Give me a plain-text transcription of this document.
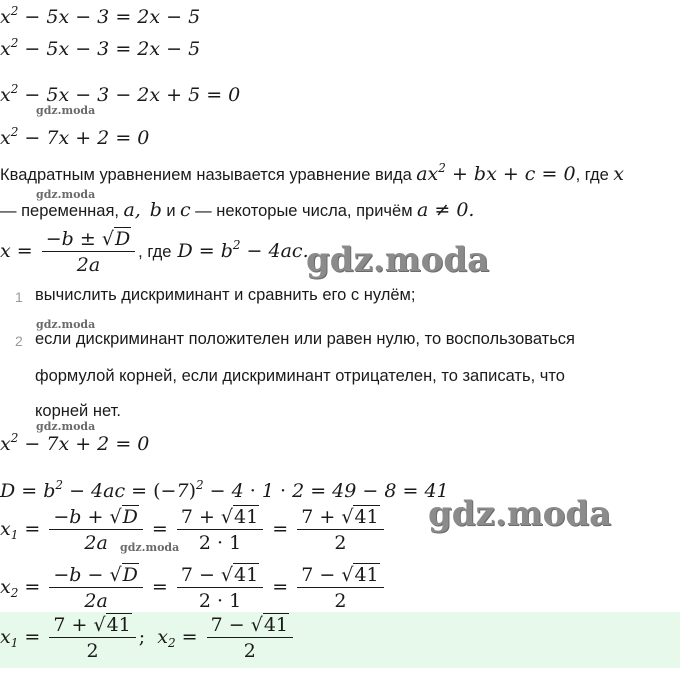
$x^2 - 5x - 3 = 2x - 5$
$x^2 - 5x - 3 = 2x - 5$
$x^2 - 5x - 3 - 2x + 5 = 0$
gdz.moda
$x^2 - 7x + 2 = 0$
Квадратным уравнением называется уравнение вида $ax^2$ + bx + c = 0, где x
gdz.moda
— переменная, a, b и c — некоторые числа, причём a ≠ 0.
$x = \frac{-b \pm √D}{2a}$ , где $D = b^2 - 4ac$.
gdz.moda
1 вычислить дискриминант и сравнить его с нулём;
gdz.moda
2 если дискриминант положителен или равен нулю, то воспользоваться
формулой корней, если дискриминант отрицателен, то записать, что
корней нет.
gdz.moda
$x^2 - 7x + 2 = 0$
$D = b^2 - 4ac = (-7)^2 - 4 \cdot 1 \cdot 2 = 49 - 8 = 41$
gdz.moda
$x_1 = \frac{-b + √D}{2a} = \frac{7 + √41}{2 \cdot 1} = \frac{7 + √41}{2}$
gdz.moda
$x_2 = \frac{-b - √D}{2a} = \frac{7 - √41}{2 \cdot 1} = \frac{7 - √41}{2}$
$x_1 = \frac{7 + √41}{2}$ ;  $x_2 = \frac{7 - √41}{2}$
